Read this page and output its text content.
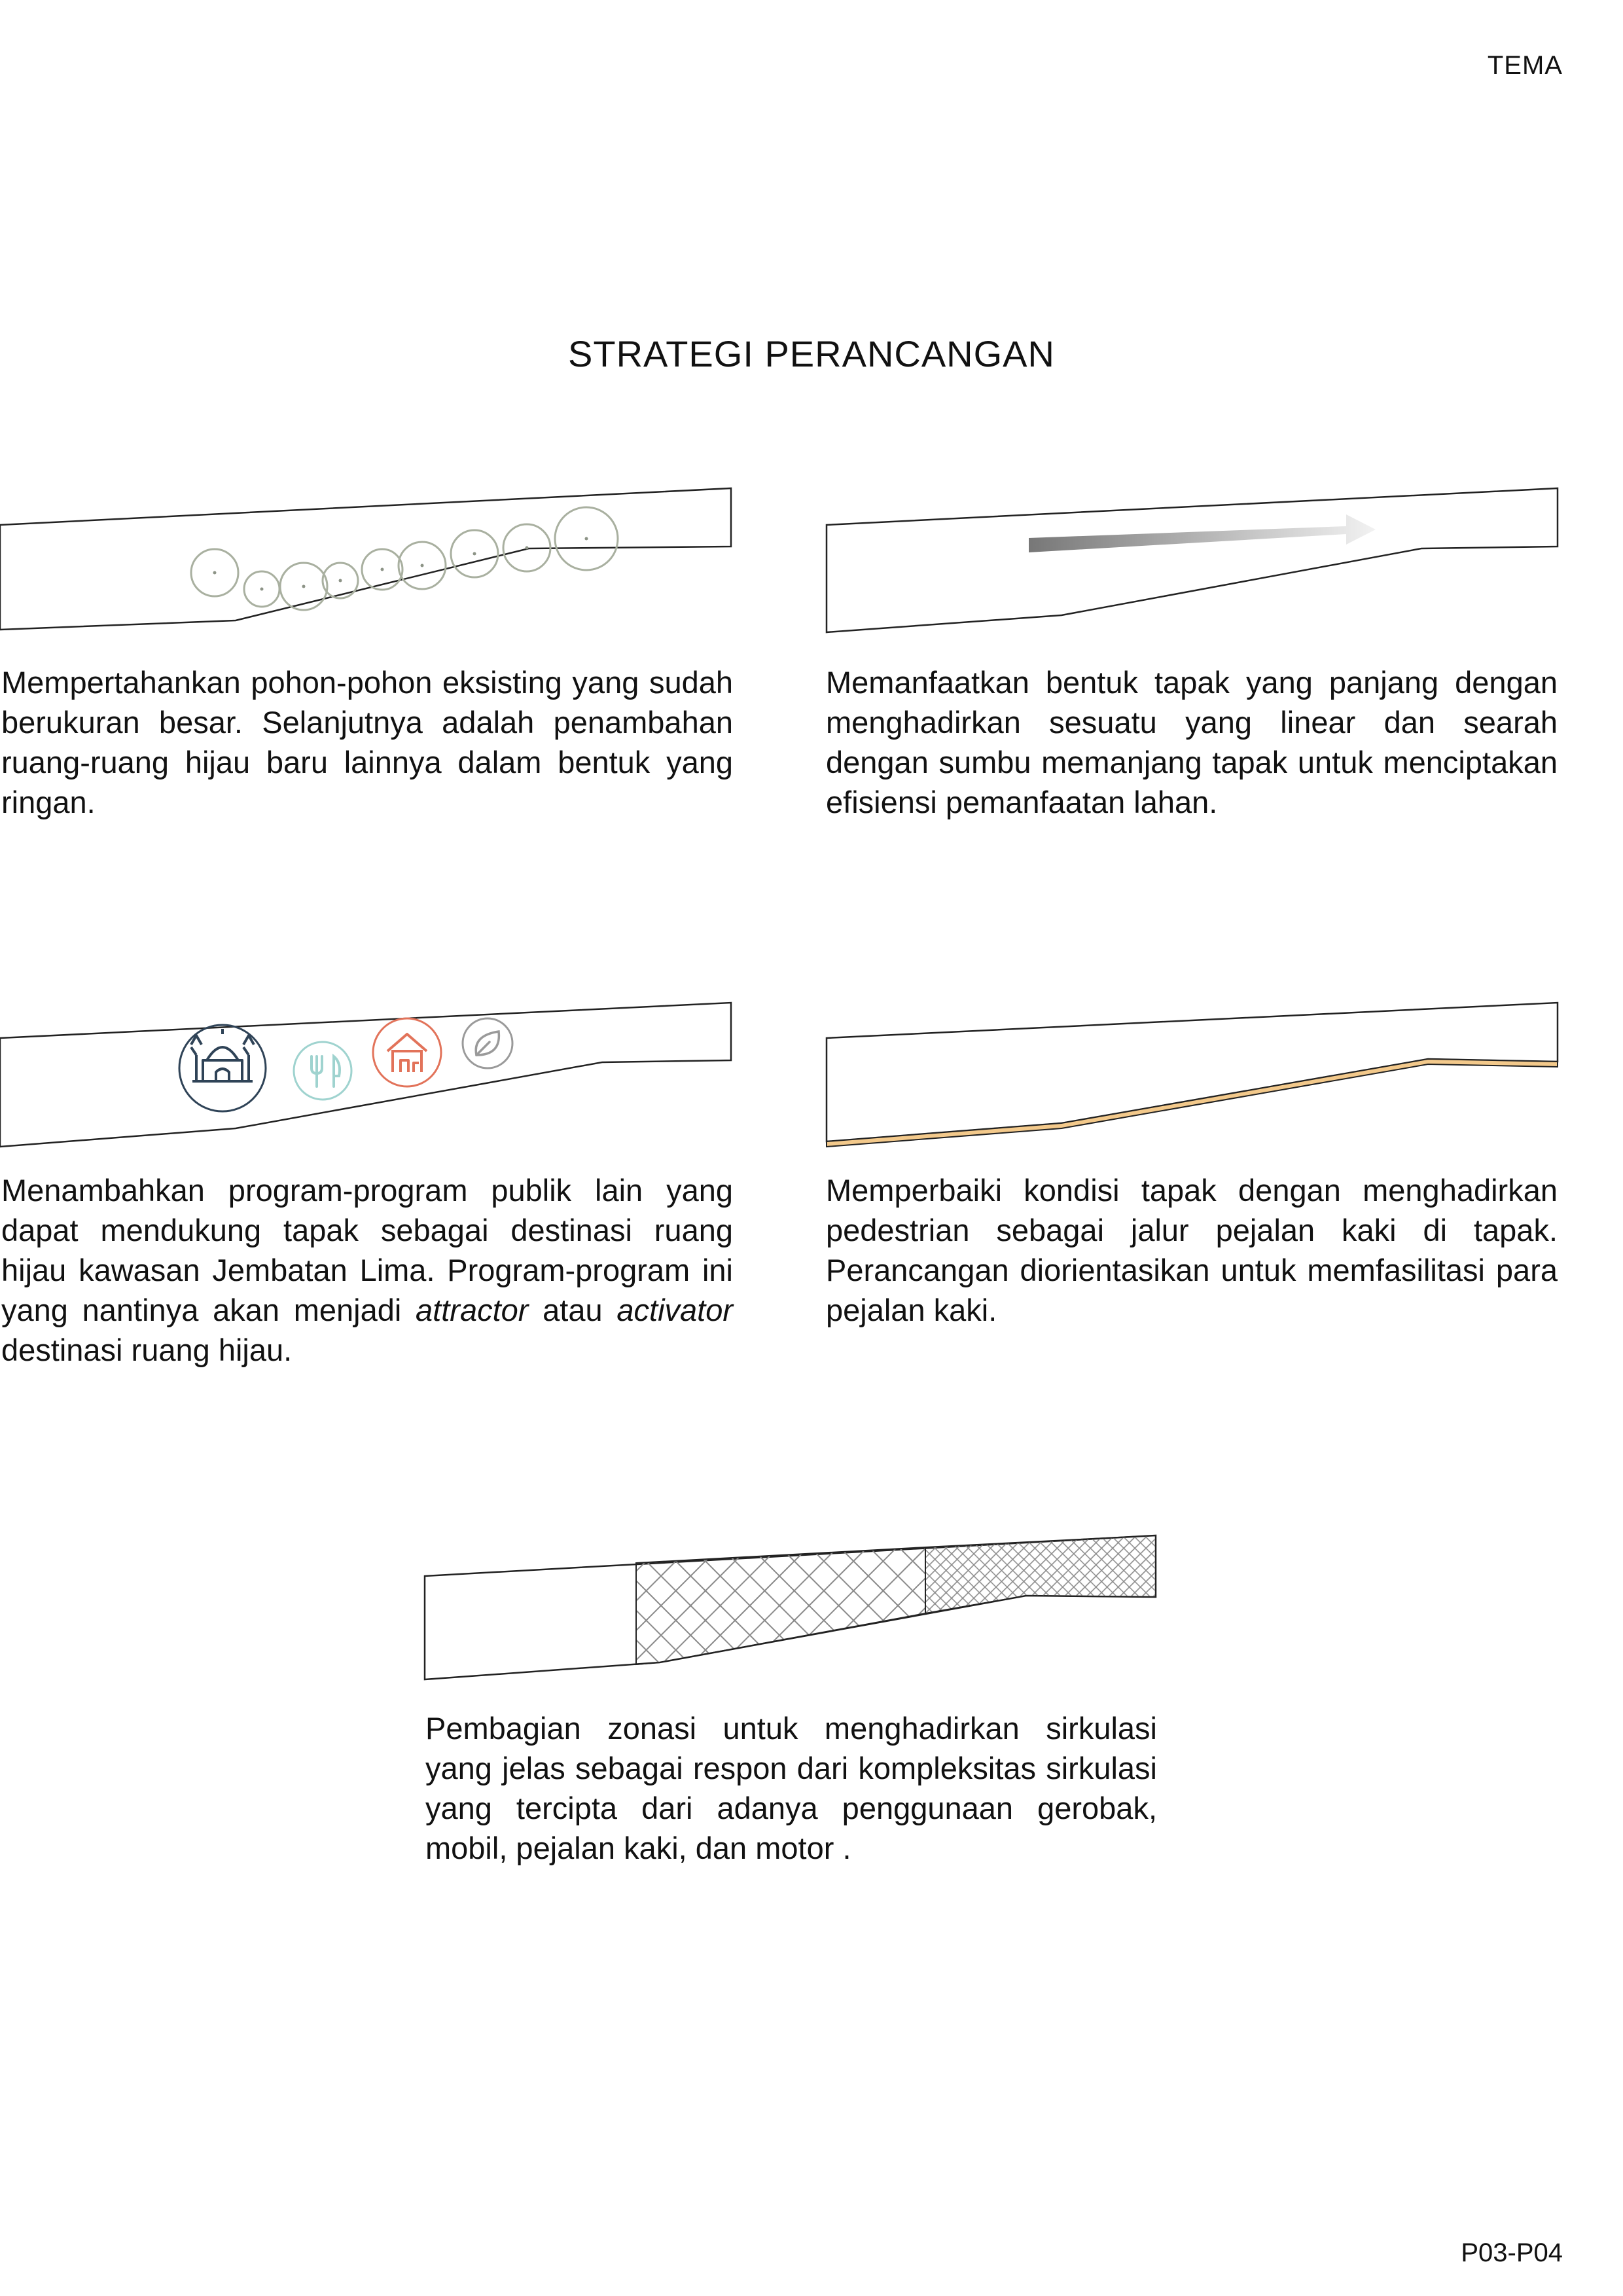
TEMA
STRATEGI PERANCANGAN
Mempertahankan pohon-pohon eksisting yang sudah berukuran besar. Selanjutnya adalah penambahan ruang-ruang hijau baru lainnya dalam bentuk yang ringan.
Memanfaatkan bentuk tapak yang panjang dengan menghadirkan sesuatu yang linear dan searah dengan sumbu memanjang tapak untuk menciptakan efisiensi pemanfaatan lahan.
Menambahkan program-program publik lain yang dapat mendukung tapak sebagai destinasi ruang hijau kawasan Jembatan Lima. Program-program ini yang nantinya akan menjadi attractor atau activator destinasi ruang hijau.
Memperbaiki kondisi tapak dengan menghadirkan pedestrian sebagai jalur pejalan kaki di tapak. Perancangan diorientasikan untuk memfasilitasi para pejalan kaki.
Pembagian zonasi untuk menghadirkan sirkulasi yang jelas sebagai respon dari kompleksitas sirkulasi yang tercipta dari adanya penggunaan gerobak, mobil, pejalan kaki, dan motor .
P03-P04
